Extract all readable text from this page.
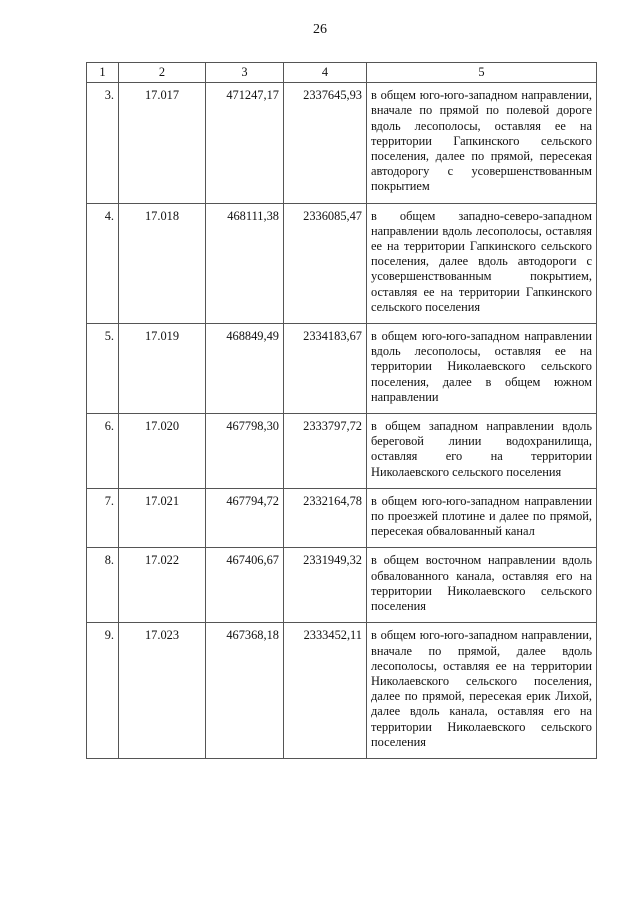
26
1	2	3	4	5
3.	17.017	471247,17	2337645,93	в общем юго-юго-западном направлении, вначале по прямой по полевой дороге вдоль лесополосы, оставляя ее на территории Гапкинского сельского поселения, далее по прямой, пересекая автодорогу с усовершенствованным покрытием
4.	17.018	468111,38	2336085,47	в общем западно-северо-западном направлении вдоль лесополосы, оставляя ее на территории Гапкинского сельского поселения, далее вдоль автодороги с усовершенствованным покрытием, оставляя ее на территории Гапкинского сельского поселения
5.	17.019	468849,49	2334183,67	в общем юго-юго-западном направлении вдоль лесополосы, оставляя ее на территории Николаевского сельского поселения, далее в общем южном направлении
6.	17.020	467798,30	2333797,72	в общем западном направлении вдоль береговой линии водохранилища, оставляя его на территории Николаевского сельского поселения
7.	17.021	467794,72	2332164,78	в общем юго-юго-западном направлении по проезжей плотине и далее по прямой, пересекая обвалованный канал
8.	17.022	467406,67	2331949,32	в общем восточном направлении вдоль обвалованного канала, оставляя его на территории Николаевского сельского поселения
9.	17.023	467368,18	2333452,11	в общем юго-юго-западном направлении, вначале по прямой, далее вдоль лесополосы, оставляя ее на территории Николаевского сельского поселения, далее по прямой, пересекая ерик Лихой, далее вдоль канала, оставляя его на территории Николаевского сельского поселения
